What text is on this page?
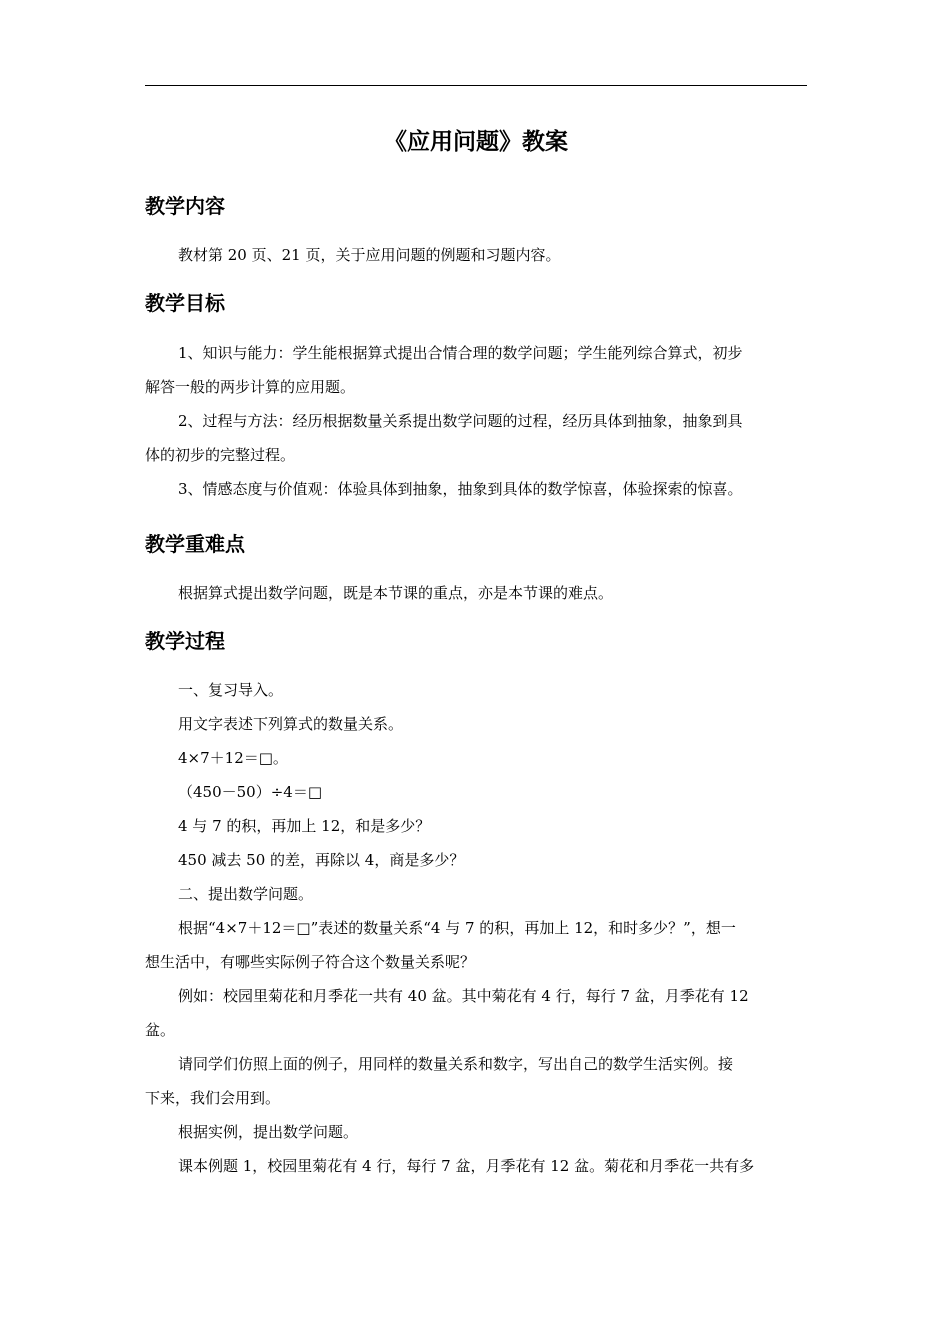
《应用问题》教案
教学内容

教材第 20 页、21 页，关于应用问题的例题和习题内容。

教学目标

1、知识与能力：学生能根据算式提出合情合理的数学问题；学生能列综合算式，初步

解答一般的两步计算的应用题。

2、过程与方法：经历根据数量关系提出数学问题的过程，经历具体到抽象，抽象到具

体的初步的完整过程。

3、情感态度与价值观：体验具体到抽象，抽象到具体的数学惊喜，体验探索的惊喜。

教学重难点

根据算式提出数学问题，既是本节课的重点，亦是本节课的难点。

教学过程

一、复习导入。

用文字表述下列算式的数量关系。

4×7＋12＝□。

（450－50）÷4＝□

4 与 7 的积，再加上 12，和是多少？

450 减去 50 的差，再除以 4，商是多少？

二、提出数学问题。

根据“4×7＋12＝□”表述的数量关系“4 与 7 的积，再加上 12，和时多少？”，想一

想生活中，有哪些实际例子符合这个数量关系呢？

例如：校园里菊花和月季花一共有 40 盆。其中菊花有 4 行，每行 7 盆，月季花有 12

盆。

请同学们仿照上面的例子，用同样的数量关系和数字，写出自己的数学生活实例。接

下来，我们会用到。

根据实例，提出数学问题。

课本例题 1，校园里菊花有 4 行，每行 7 盆，月季花有 12 盆。菊花和月季花一共有多
